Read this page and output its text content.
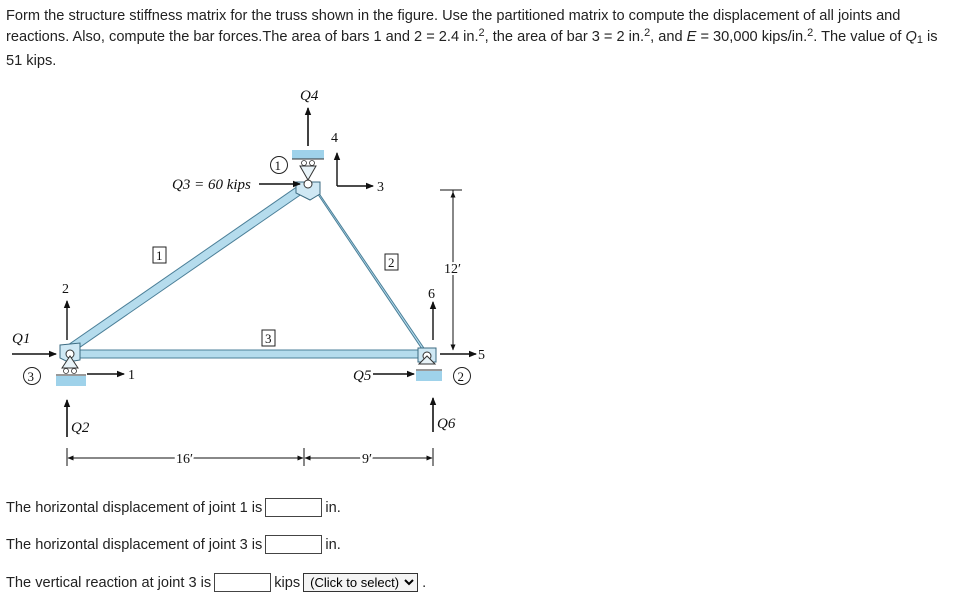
Form the structure stiffness matrix for the truss shown in the figure. Use the partitioned matrix to compute the displacement of all joints and reactions. Also, compute the bar forces.The area of bars 1 and 2 = 2.4 in.$^2$, the area of bar 3 = 2 in.$^2$, and E = 30,000 kips/in.$^2$. The value of $Q_1$ is 51 kips.
Q4
4
3
1
Q3 = 60 kips
1	2
3
12′
6
5
2
Q5
Q6
2
1
Q1
3
Q2
16′	9′
The horizontal displacement of joint 1 is	in.
The horizontal displacement of joint 3 is	in.
The vertical reaction at joint 3 is	kips
(Click to select)	.
